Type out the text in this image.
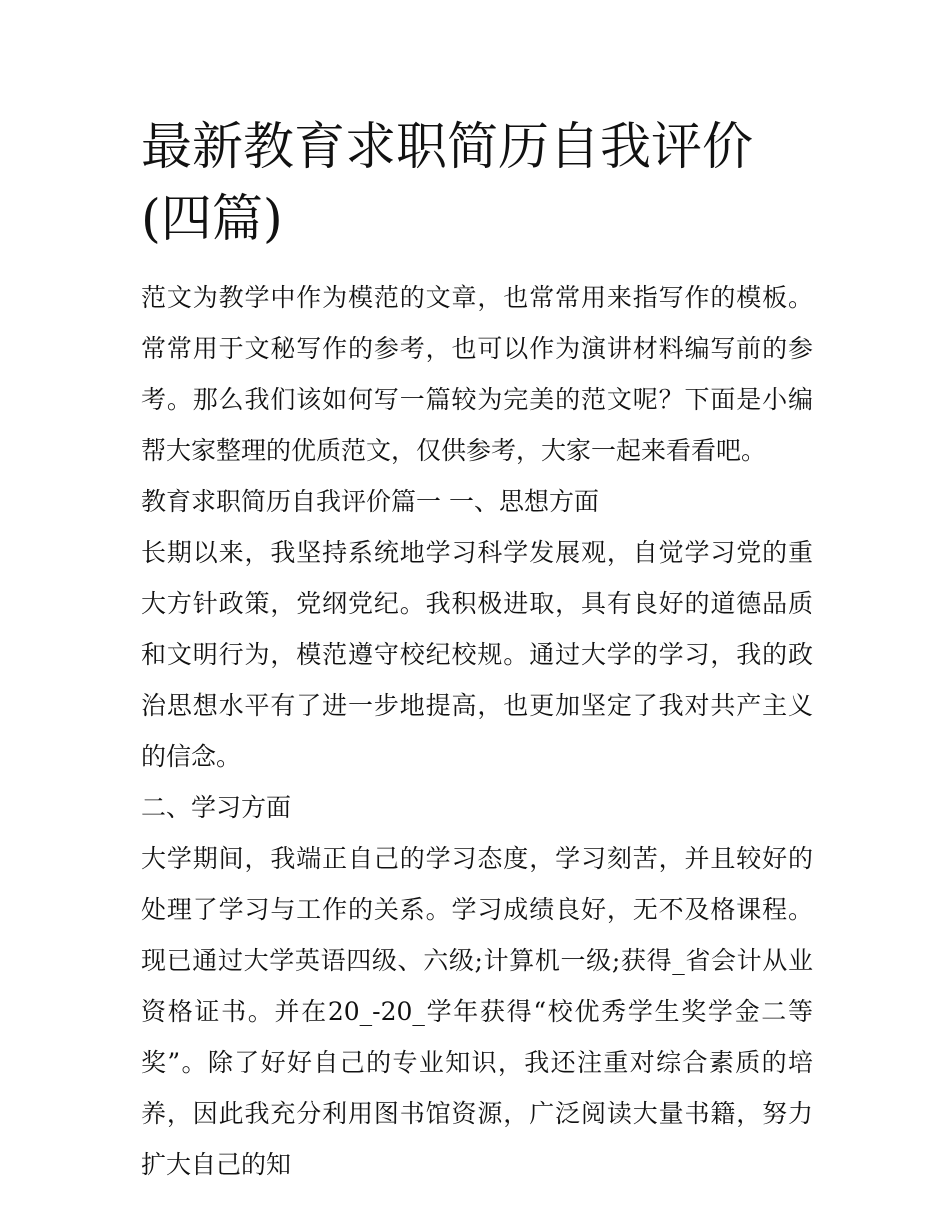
最新教育求职简历自我评价(四篇)

范文为教学中作为模范的文章，也常常用来指写作的模板。常常用于文秘写作的参考，也可以作为演讲材料编写前的参考。那么我们该如何写一篇较为完美的范文呢？下面是小编帮大家整理的优质范文，仅供参考，大家一起来看看吧。

教育求职简历自我评价篇一 一、思想方面

长期以来，我坚持系统地学习科学发展观，自觉学习党的重大方针政策，党纲党纪。我积极进取，具有良好的道德品质和文明行为，模范遵守校纪校规。通过大学的学习，我的政治思想水平有了进一步地提高，也更加坚定了我对共产主义的信念。

二、学习方面

大学期间，我端正自己的学习态度，学习刻苦，并且较好的处理了学习与工作的关系。学习成绩良好，无不及格课程。现已通过大学英语四级、六级;计算机一级;获得_省会计从业资格证书。并在20_-20_学年获得“校优秀学生奖学金二等奖”。除了好好自己的专业知识，我还注重对综合素质的培养，因此我充分利用图书馆资源，广泛阅读大量书籍，努力扩大自己的知
